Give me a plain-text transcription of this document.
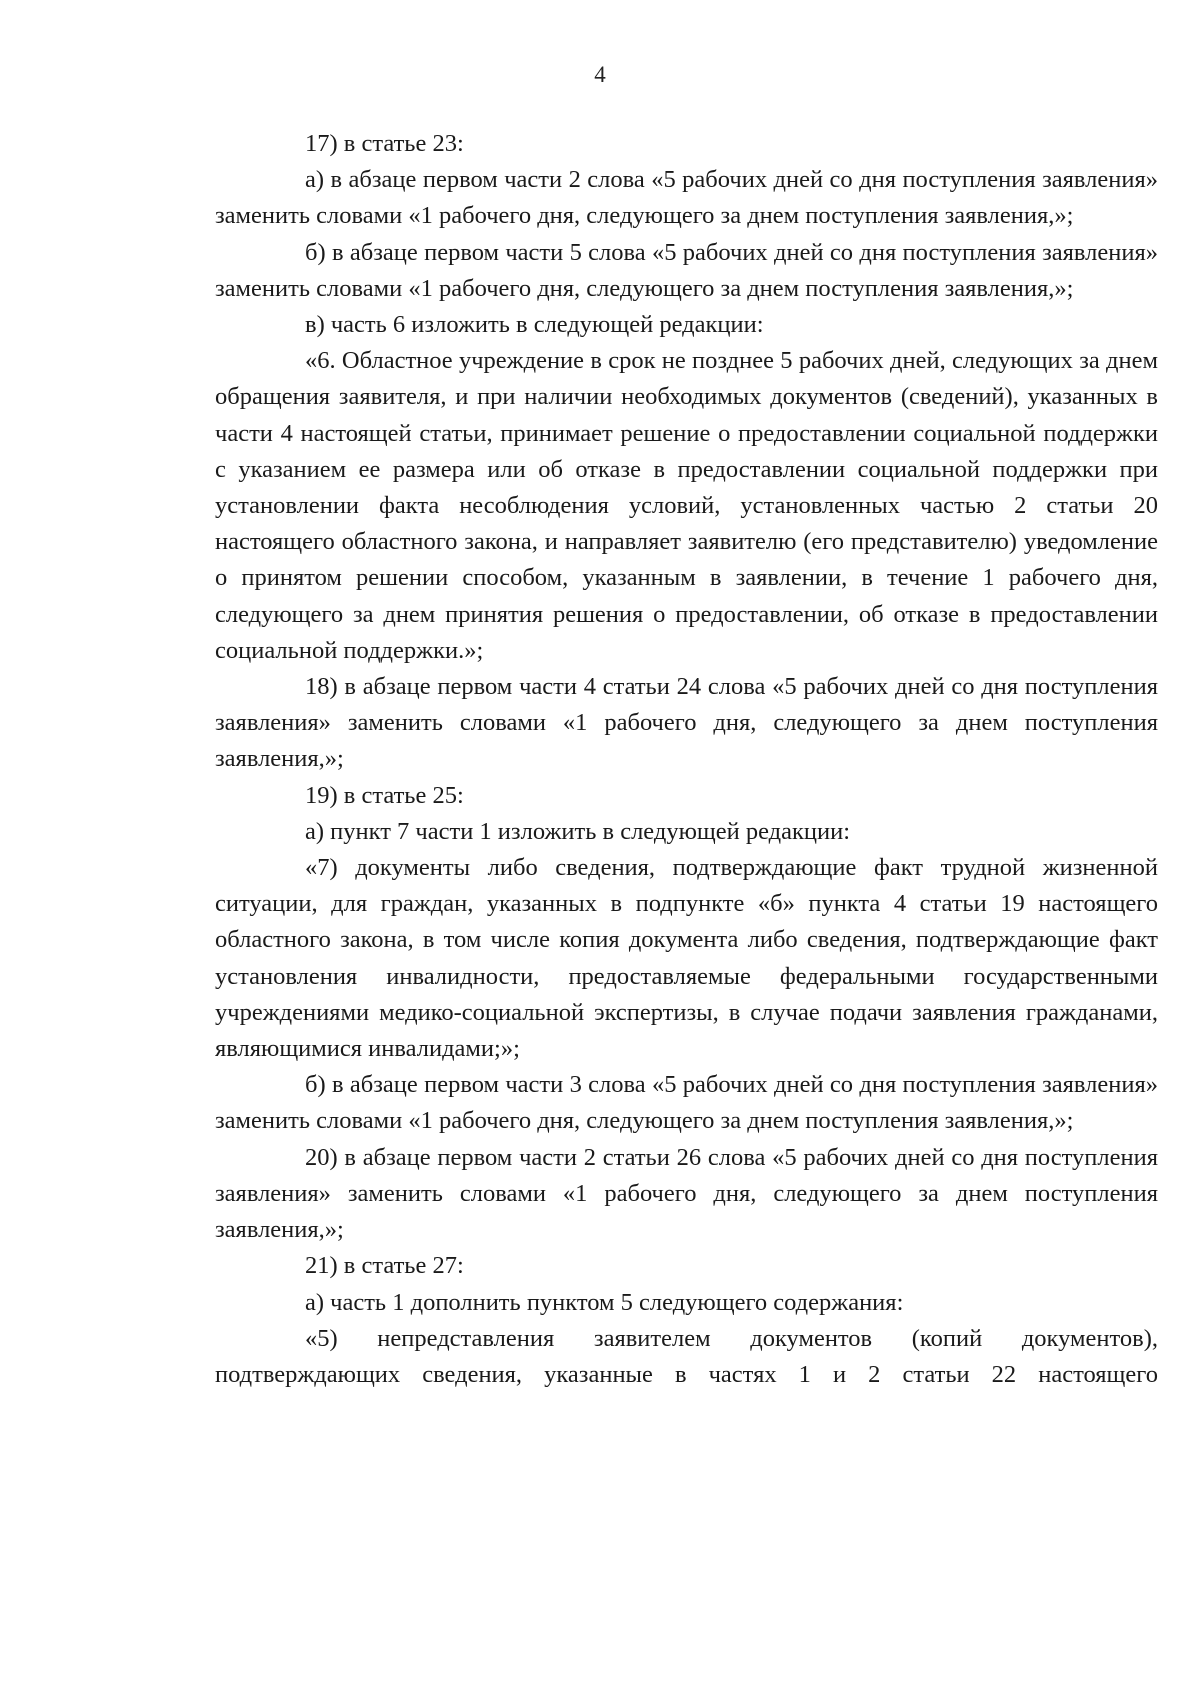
4

17) в статье 23:

а) в абзаце первом части 2 слова «5 рабочих дней со дня поступления заявления» заменить словами «1 рабочего дня, следующего за днем поступления заявления,»;

б) в абзаце первом части 5 слова «5 рабочих дней со дня поступления заявления» заменить словами «1 рабочего дня, следующего за днем поступления заявления,»;

в) часть 6 изложить в следующей редакции:

«6. Областное учреждение в срок не позднее 5 рабочих дней, следующих за днем обращения заявителя, и при наличии необходимых документов (сведений), указанных в части 4 настоящей статьи, принимает решение о предоставлении социальной поддержки с указанием ее размера или об отказе в предоставлении социальной поддержки при установлении факта несоблюдения условий, установленных частью 2 статьи 20 настоящего областного закона, и направляет заявителю (его представителю) уведомление о принятом решении способом, указанным в заявлении, в течение 1 рабочего дня, следующего за днем принятия решения о предоставлении, об отказе в предоставлении социальной поддержки.»;

18) в абзаце первом части 4 статьи 24 слова «5 рабочих дней со дня поступления заявления» заменить словами «1 рабочего дня, следующего за днем поступления заявления,»;

19) в статье 25:

а) пункт 7 части 1 изложить в следующей редакции:

«7) документы либо сведения, подтверждающие факт трудной жизненной ситуации, для граждан, указанных в подпункте «б» пункта 4 статьи 19 настоящего областного закона, в том числе копия документа либо сведения, подтверждающие факт установления инвалидности, предоставляемые федеральными государственными учреждениями медико-социальной экспертизы, в случае подачи заявления гражданами, являющимися инвалидами;»;

б) в абзаце первом части 3 слова «5 рабочих дней со дня поступления заявления» заменить словами «1 рабочего дня, следующего за днем поступления заявления,»;

20) в абзаце первом части 2 статьи 26 слова «5 рабочих дней со дня поступления заявления» заменить словами «1 рабочего дня, следующего за днем поступления заявления,»;

21) в статье 27:

а) часть 1 дополнить пунктом 5 следующего содержания:

«5) непредставления заявителем документов (копий документов), подтверждающих сведения, указанные в частях 1 и 2 статьи 22 настоящего
